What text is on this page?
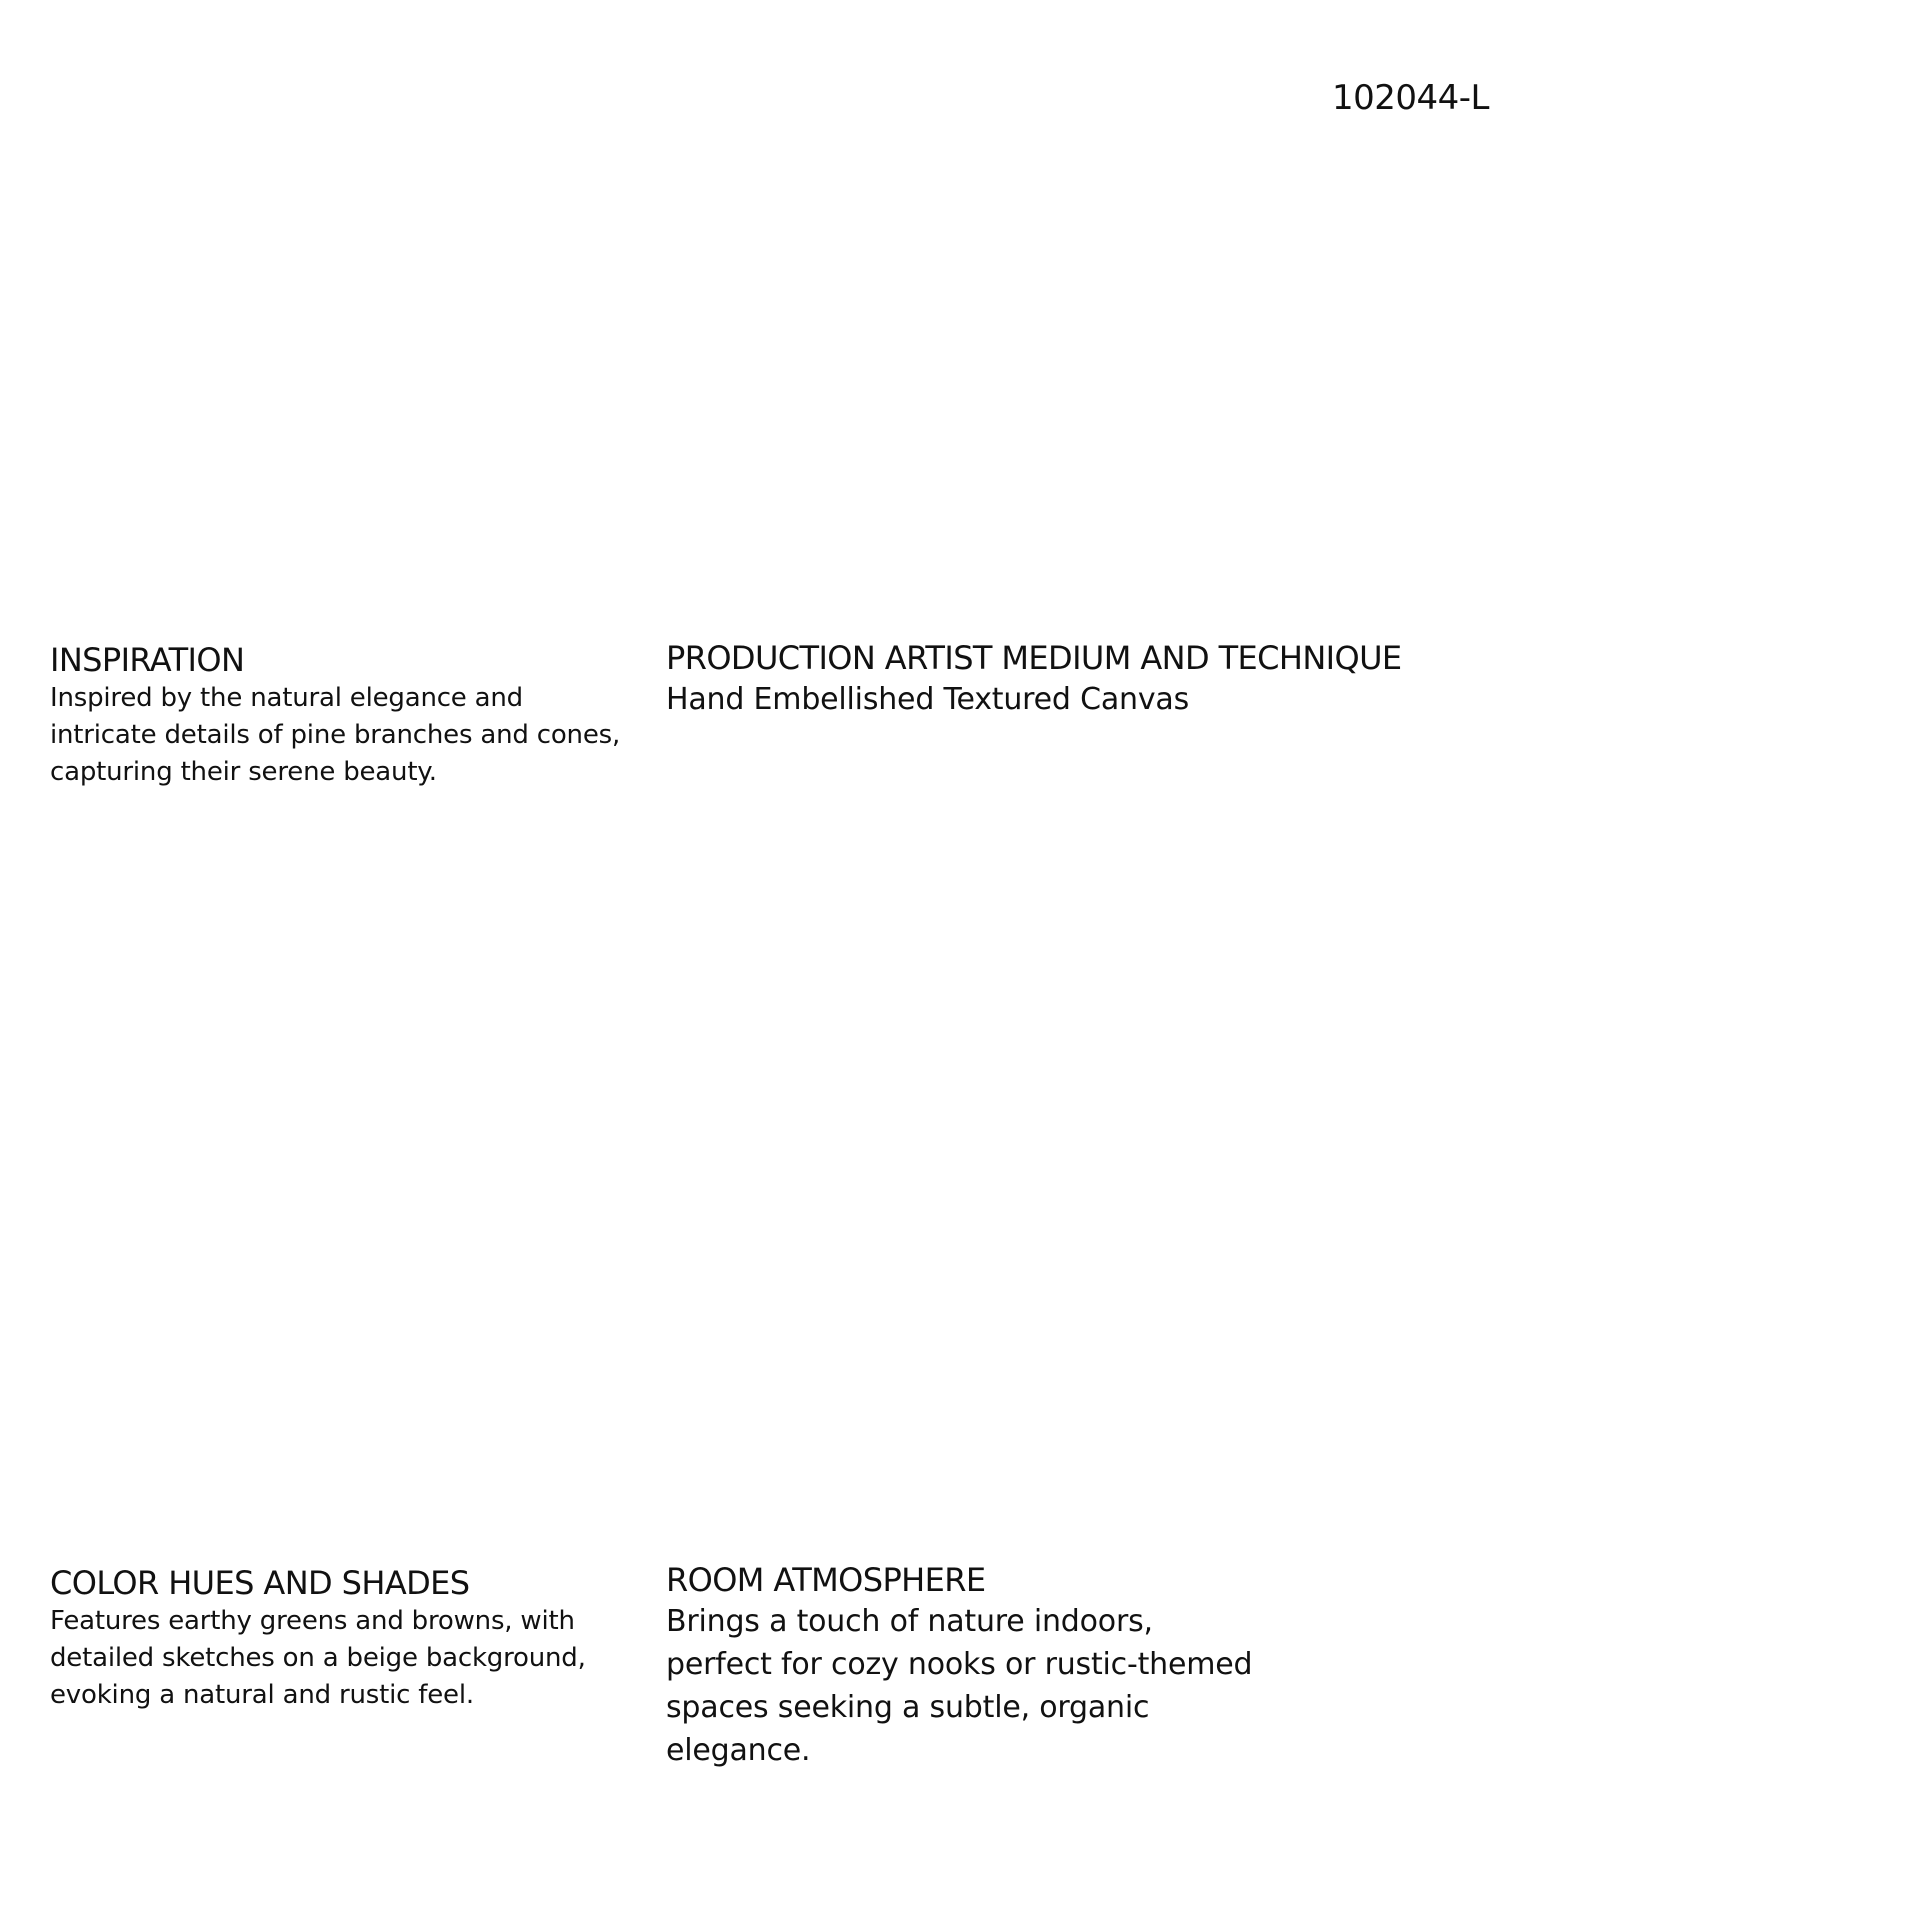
102044-L
INSPIRATION

Inspired by the natural elegance and intricate details of pine branches and cones, capturing their serene beauty.

PRODUCTION ARTIST MEDIUM AND TECHNIQUE

Hand Embellished Textured Canvas

COLOR HUES AND SHADES

Features earthy greens and browns, with detailed sketches on a beige background, evoking a natural and rustic feel.

ROOM ATMOSPHERE

Brings a touch of nature indoors, perfect for cozy nooks or rustic-themed spaces seeking a subtle, organic elegance.
